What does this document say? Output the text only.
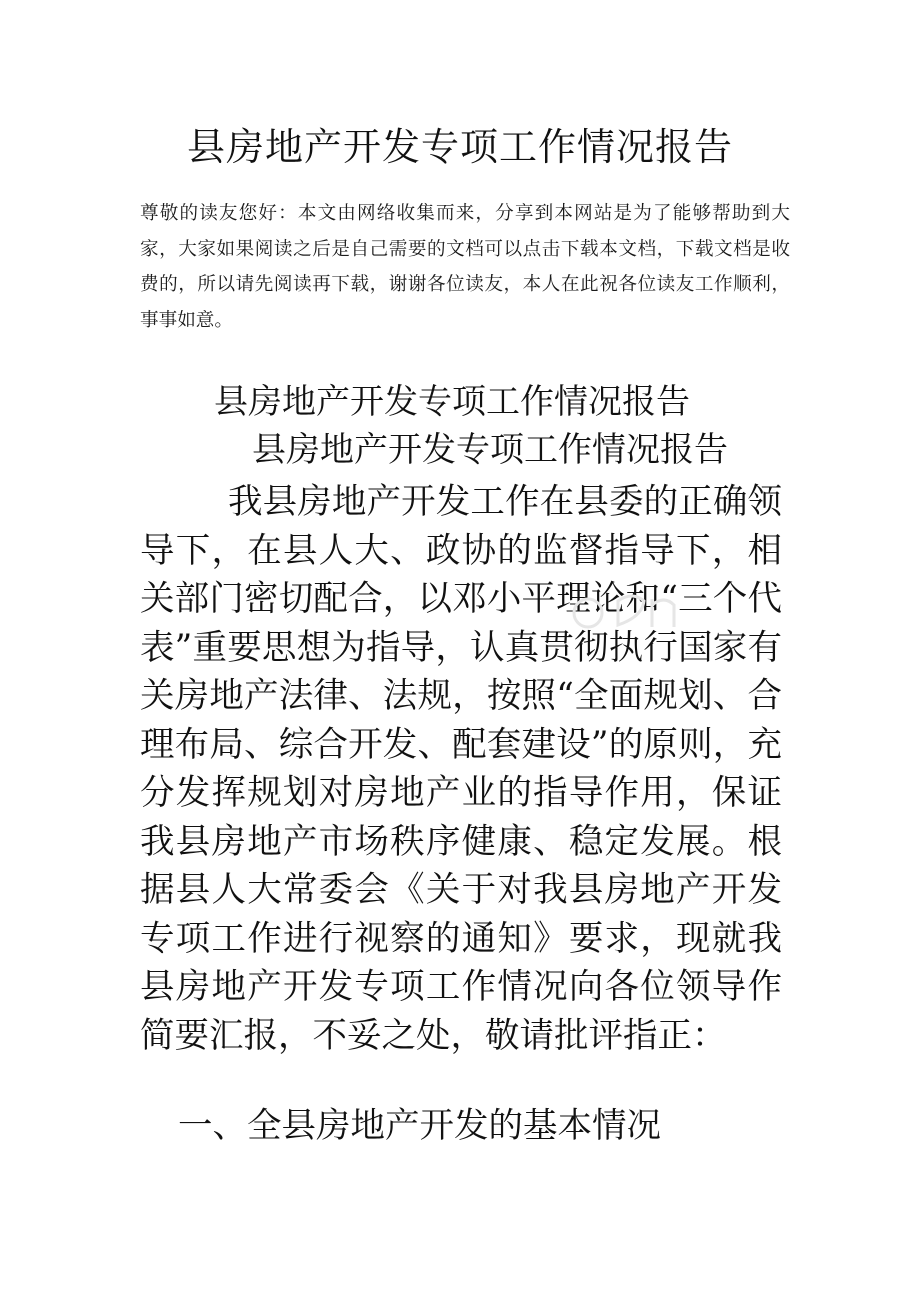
县房地产开发专项工作情况报告

尊敬的读友您好：本文由网络收集而来，分享到本网站是为了能够帮助到大家，大家如果阅读之后是自己需要的文档可以点击下载本文档，下载文档是收费的，所以请先阅读再下载，谢谢各位读友，本人在此祝各位读友工作顺利，事事如意。

县房地产开发专项工作情况报告
县房地产开发专项工作情况报告

我县房地产开发工作在县委的正确领导下，在县人大、政协的监督指导下，相关部门密切配合，以邓小平理论和“三个代表”重要思想为指导，认真贯彻执行国家有关房地产法律、法规，按照“全面规划、合理布局、综合开发、配套建设”的原则，充分发挥规划对房地产业的指导作用，保证我县房地产市场秩序健康、稳定发展。根据县人大常委会《关于对我县房地产开发专项工作进行视察的通知》要求，现就我县房地产开发专项工作情况向各位领导作简要汇报，不妥之处，敬请批评指正：

一、全县房地产开发的基本情况
